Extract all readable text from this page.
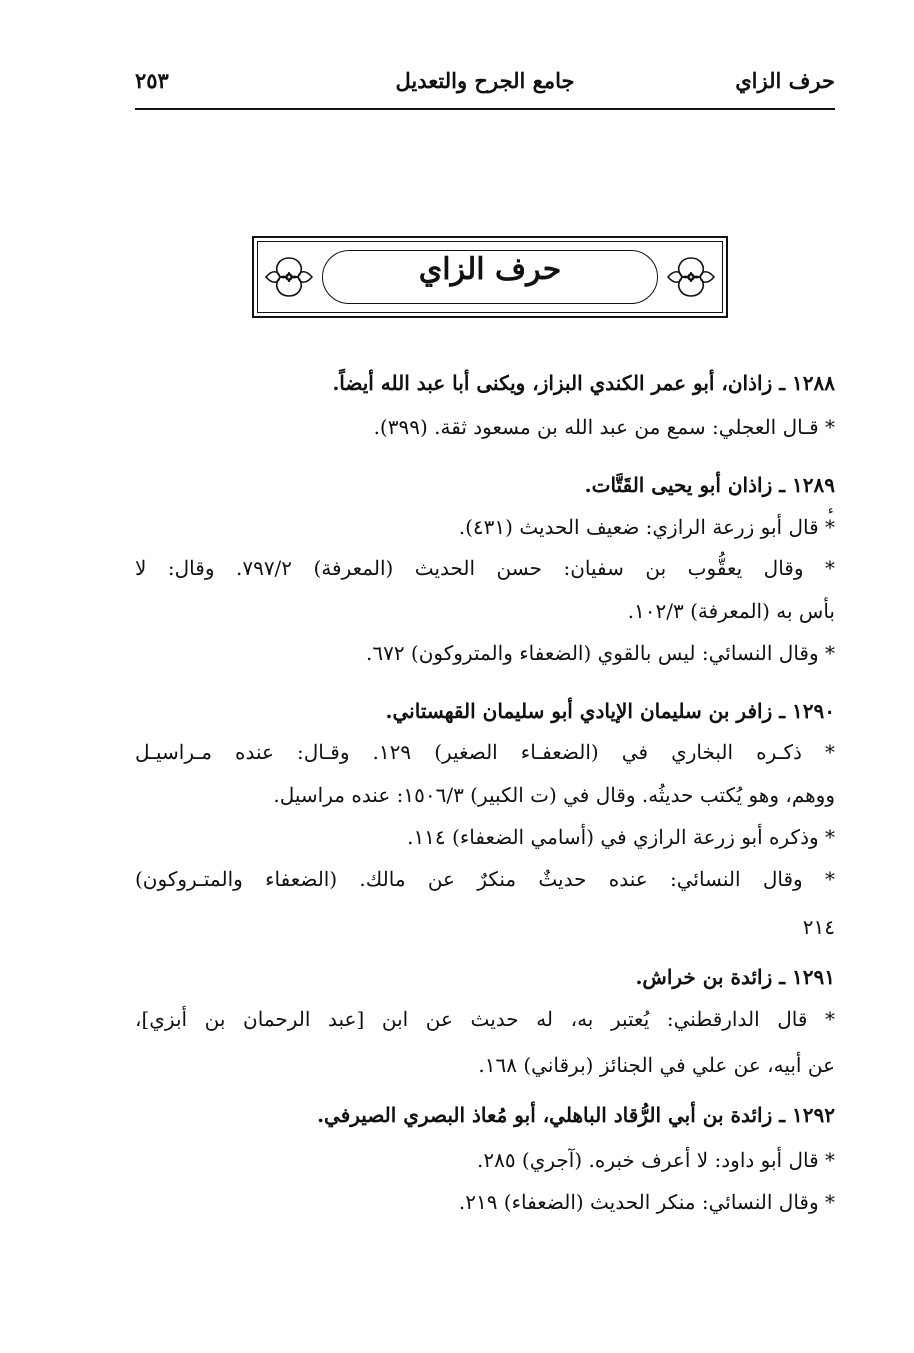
حرف الزاي
جامع الجرح والتعديل
٢٥٣
حرف الزاي
١٢٨٨ ـ زاذان، أبو عمر الكندي البزاز، ويكنى أبا عبد الله أيضاً.
* قـال العجلي: سمع من عبد الله بن مسعود ثقة. (٣٩٩).
١٢٨٩ ـ زاذان أبو يحيى القَتَّات.
ء
* قال أبو زرعة الرازي: ضعيف الحديث (٤٣١).
* وقال يعقُّوب بن سفيان: حسن الحديث (المعرفة) ٧٩٧/٢. وقال: لا
بأس به (المعرفة) ١٠٢/٣.
* وقال النسائي: ليس بالقوي (الضعفاء والمتروكون) ٦٧٢.
١٢٩٠ ـ زافر بن سليمان الإيادي أبو سليمان القهستاني.
* ذكـره البخاري في (الضعفـاء الصغير) ١٢٩. وقـال: عنده مـراسيـل
ووهم، وهو يُكتب حديثُه. وقال في (ت الكبير) ١٥٠٦/٣: عنده مراسيل.
* وذكره أبو زرعة الرازي في (أسامي الضعفاء) ١١٤.
* وقال النسائي: عنده حديثٌ منكرٌ عن مالك. (الضعفاء والمتـروكون)
٢١٤
١٢٩١ ـ زائدة بن خراش.
* قال الدارقطني: يُعتبر به، له حديث عن ابن [عبد الرحمان بن أبزي]،
عن أبيه، عن علي في الجنائز (برقاني) ١٦٨.
١٢٩٢ ـ زائدة بن أبي الرُّقاد الباهلي، أبو مُعاذ البصري الصيرفي.
* قال أبو داود: لا أعرف خبره. (آجري) ٢٨٥.
* وقال النسائي: منكر الحديث (الضعفاء) ٢١٩.
